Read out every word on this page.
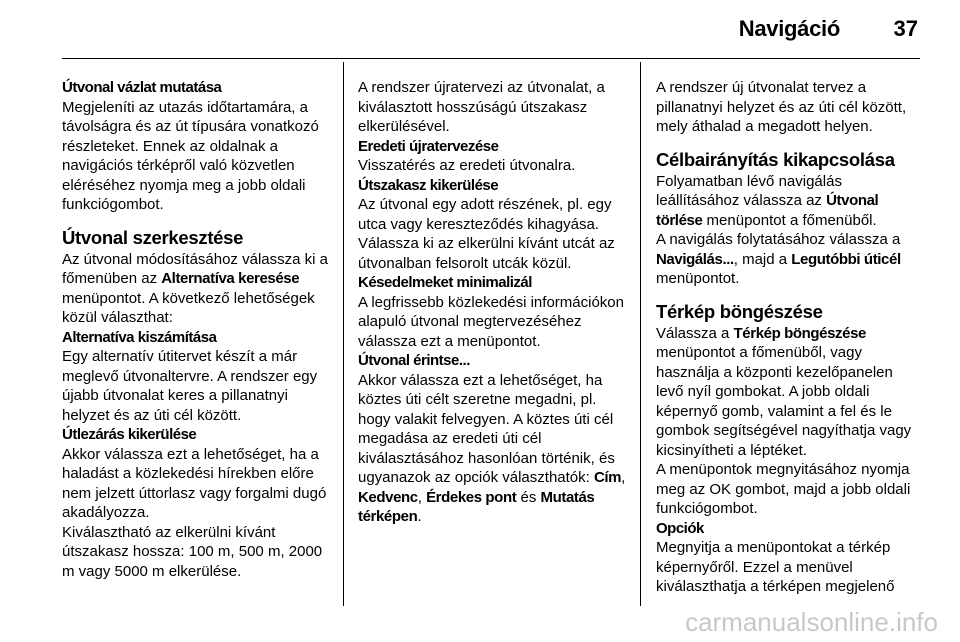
Navigáció 37
Útvonal vázlat mutatása

Megjeleníti az utazás időtartamára, a távolságra és az út típusára vonatkozó részleteket. Ennek az oldalnak a navigációs térképről való közvetlen eléréséhez nyomja meg a jobb oldali funkciógombot.

Útvonal szerkesztése

Az útvonal módosításához válassza ki a főmenüben az Alternatíva keresése menüpontot. A következő lehetőségek közül választhat:

Alternatíva kiszámítása

Egy alternatív útitervet készít a már meglevő útvonaltervre. A rendszer egy újabb útvonalat keres a pillanatnyi helyzet és az úti cél között.

Útlezárás kikerülése

Akkor válassza ezt a lehetőséget, ha a haladást a közlekedési hírekben előre nem jelzett úttorlasz vagy forgalmi dugó akadályozza.

Kiválasztható az elkerülni kívánt útszakasz hossza: 100 m, 500 m, 2000 m vagy 5000 m elkerülése.

A rendszer újratervezi az útvonalat, a kiválasztott hosszúságú útszakasz elkerülésével.

Eredeti újratervezése

Visszatérés az eredeti útvonalra.

Útszakasz kikerülése

Az útvonal egy adott részének, pl. egy utca vagy kereszteződés kihagyása. Válassza ki az elkerülni kívánt utcát az útvonalban felsorolt utcák közül.

Késedelmeket minimalizál

A legfrissebb közlekedési információkon alapuló útvonal megtervezéséhez válassza ezt a menüpontot.

Útvonal érintse...

Akkor válassza ezt a lehetőséget, ha köztes úti célt szeretne megadni, pl. hogy valakit felvegyen. A köztes úti cél megadása az eredeti úti cél kiválasztásához hasonlóan történik, és ugyanazok az opciók választhatók: Cím, Kedvenc, Érdekes pont és Mutatás térképen.

A rendszer új útvonalat tervez a pillanatnyi helyzet és az úti cél között, mely áthalad a megadott helyen.

Célbairányítás kikapcsolása

Folyamatban lévő navigálás leállításához válassza az Útvonal törlése menüpontot a főmenüből.

A navigálás folytatásához válassza a Navigálás..., majd a Legutóbbi úticél menüpontot.

Térkép böngészése

Válassza a Térkép böngészése menüpontot a főmenüből, vagy használja a központi kezelőpanelen levő nyíl gombokat. A jobb oldali képernyő gomb, valamint a fel és le gombok segítségével nagyíthatja vagy kicsinyítheti a léptéket.

A menüpontok megnyitásához nyomja meg az OK gombot, majd a jobb oldali funkciógombot.

Opciók

Megnyitja a menüpontokat a térkép képernyőről. Ezzel a menüvel kiválaszthatja a térképen megjelenő

carmanualsonline.info
